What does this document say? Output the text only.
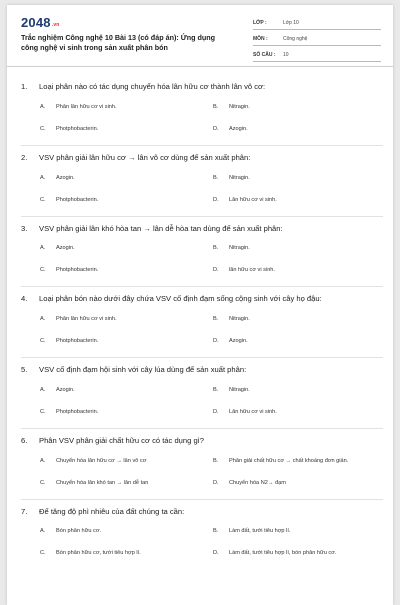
2048.vn
Trắc nghiệm Công nghệ 10 Bài 13 (có đáp án): Ứng dụng công nghệ vi sinh trong sản xuất phân bón
LỚP :	Lớp 10
MÔN :	Công nghệ
SỐ CÂU :	10
1.	Loại phân nào có tác dụng chuyển hóa lân hữu cơ thành lân vô cơ:
A.	Phân lân hữu cơ vi sinh.	B.	Nitragin.
C.	Photphobacterin.	D.	Azogin.
2.	VSV phân giải lân hữu cơ → lân vô cơ dùng để sản xuất phân:
A.	Azogin.	B.	Nitragin.
C.	Photphobacterin.	D.	Lân hữu cơ vi sinh.
3.	VSV phân giải lân khó hòa tan → lân dễ hòa tan dùng để sản xuất phân:
A.	Azogin.	B.	Nitragin.
C.	Photphobacterin.	D.	lân hữu cơ vi sinh.
4.	Loại phân bón nào dưới đây chứa VSV cố định đạm sống cộng sinh với cây họ đậu:
A.	Phân lân hữu cơ vi sinh.	B.	Nitragin.
C.	Photphobacterin.	D.	Azogin.
5.	VSV cố định đạm hội sinh với cây lúa dùng để sản xuất phân:
A.	Azogin.	B.	Nitragin.
C.	Photphobacterin.	D.	Lân hữu cơ vi sinh.
6.	Phân VSV phân giải chất hữu cơ có tác dụng gì?
A.	Chuyển hóa lân hữu cơ → lân vô cơ	B.	Phân giải chất hữu cơ → chất khoáng đơn giản.
C.	Chuyển hóa lân khó tan → lân dễ tan	D.	Chuyển hóa N2→ đạm
7.	Để tăng độ phì nhiêu của đất chúng ta cần:
A.	Bón phân hữu cơ.	B.	Làm đất, tưới tiêu hợp lí.
C.	Bón phân hữu cơ, tưới tiêu hợp lí.	D.	Làm đất, tưới tiêu hợp lí, bón phân hữu cơ.
